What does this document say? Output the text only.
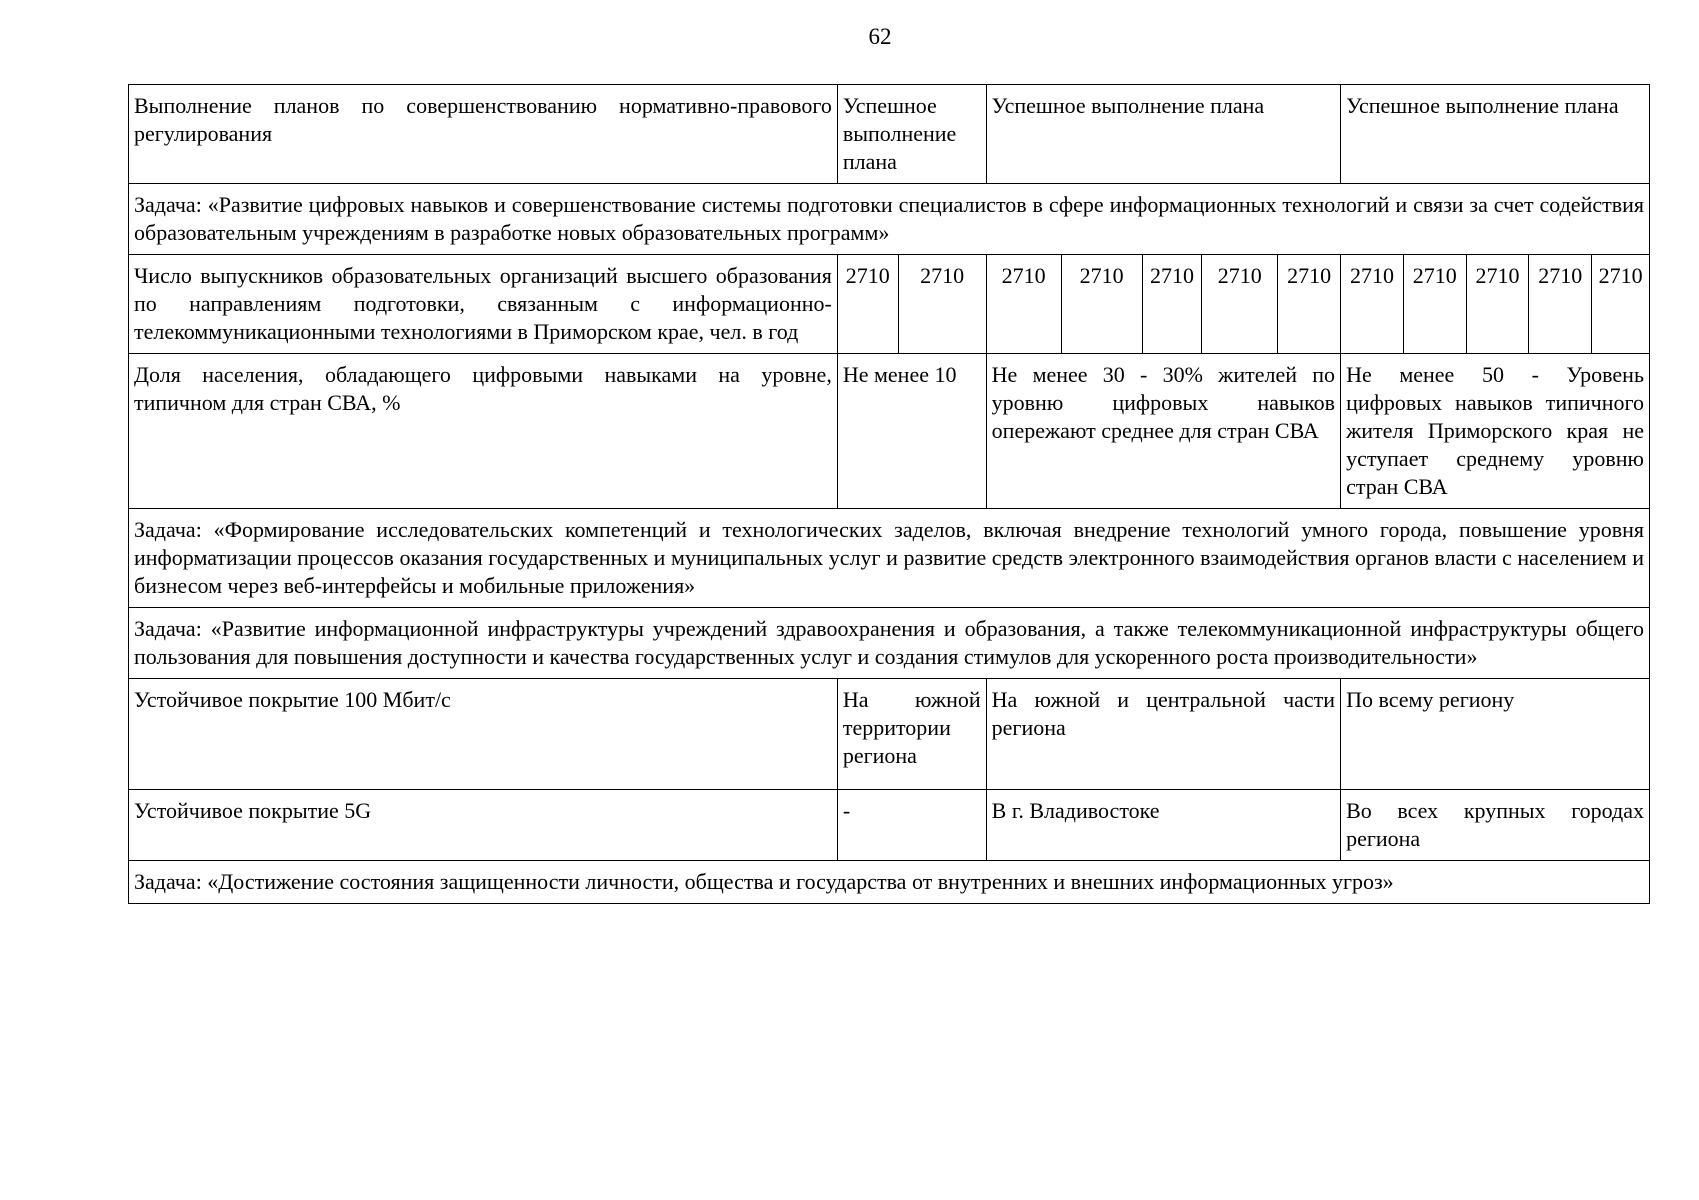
62
Выполнение планов по совершенствованию нормативно-правового регулирования	Успешное выполнение плана		Успешное выполнение плана					Успешное выполнение плана				
Задача: «Развитие цифровых навыков и совершенствование системы подготовки специалистов в сфере информационных технологий и связи за счет содействия образовательным учреждениям в разработке новых образовательных программ»												
Число выпускников образовательных организаций высшего образования по направлениям подготовки, связанным с информационно-телекоммуникационными технологиями в Приморском крае, чел. в год	2710	2710	2710	2710	2710	2710	2710	2710	2710	2710	2710	2710
Доля населения, обладающего цифровыми навыками на уровне, типичном для стран СВА, %	Не менее 10		Не менее 30 - 30% жителей по уровню цифровых навыков опережают среднее для стран СВА					Не менее 50 - Уровень цифровых навыков типичного жителя Приморского края не уступает среднему уровню стран СВА				
Задача: «Формирование исследовательских компетенций и технологических заделов, включая внедрение технологий умного города, повышение уровня информатизации процессов оказания государственных и муниципальных услуг и развитие средств электронного взаимодействия органов власти с населением и бизнесом через веб-интерфейсы и мобильные приложения»												
Задача: «Развитие информационной инфраструктуры учреждений здравоохранения и образования, а также телекоммуникационной инфраструктуры общего пользования для повышения доступности и качества государственных услуг и создания стимулов для ускоренного роста производительности»												
Устойчивое покрытие 100 Мбит/с	На южной территории региона		На южной и центральной части региона					По всему региону				
Устойчивое покрытие 5G	-		В г. Владивостоке					Во всех крупных городах региона				
Задача: «Достижение состояния защищенности личности, общества и государства от внутренних и внешних информационных угроз»												
